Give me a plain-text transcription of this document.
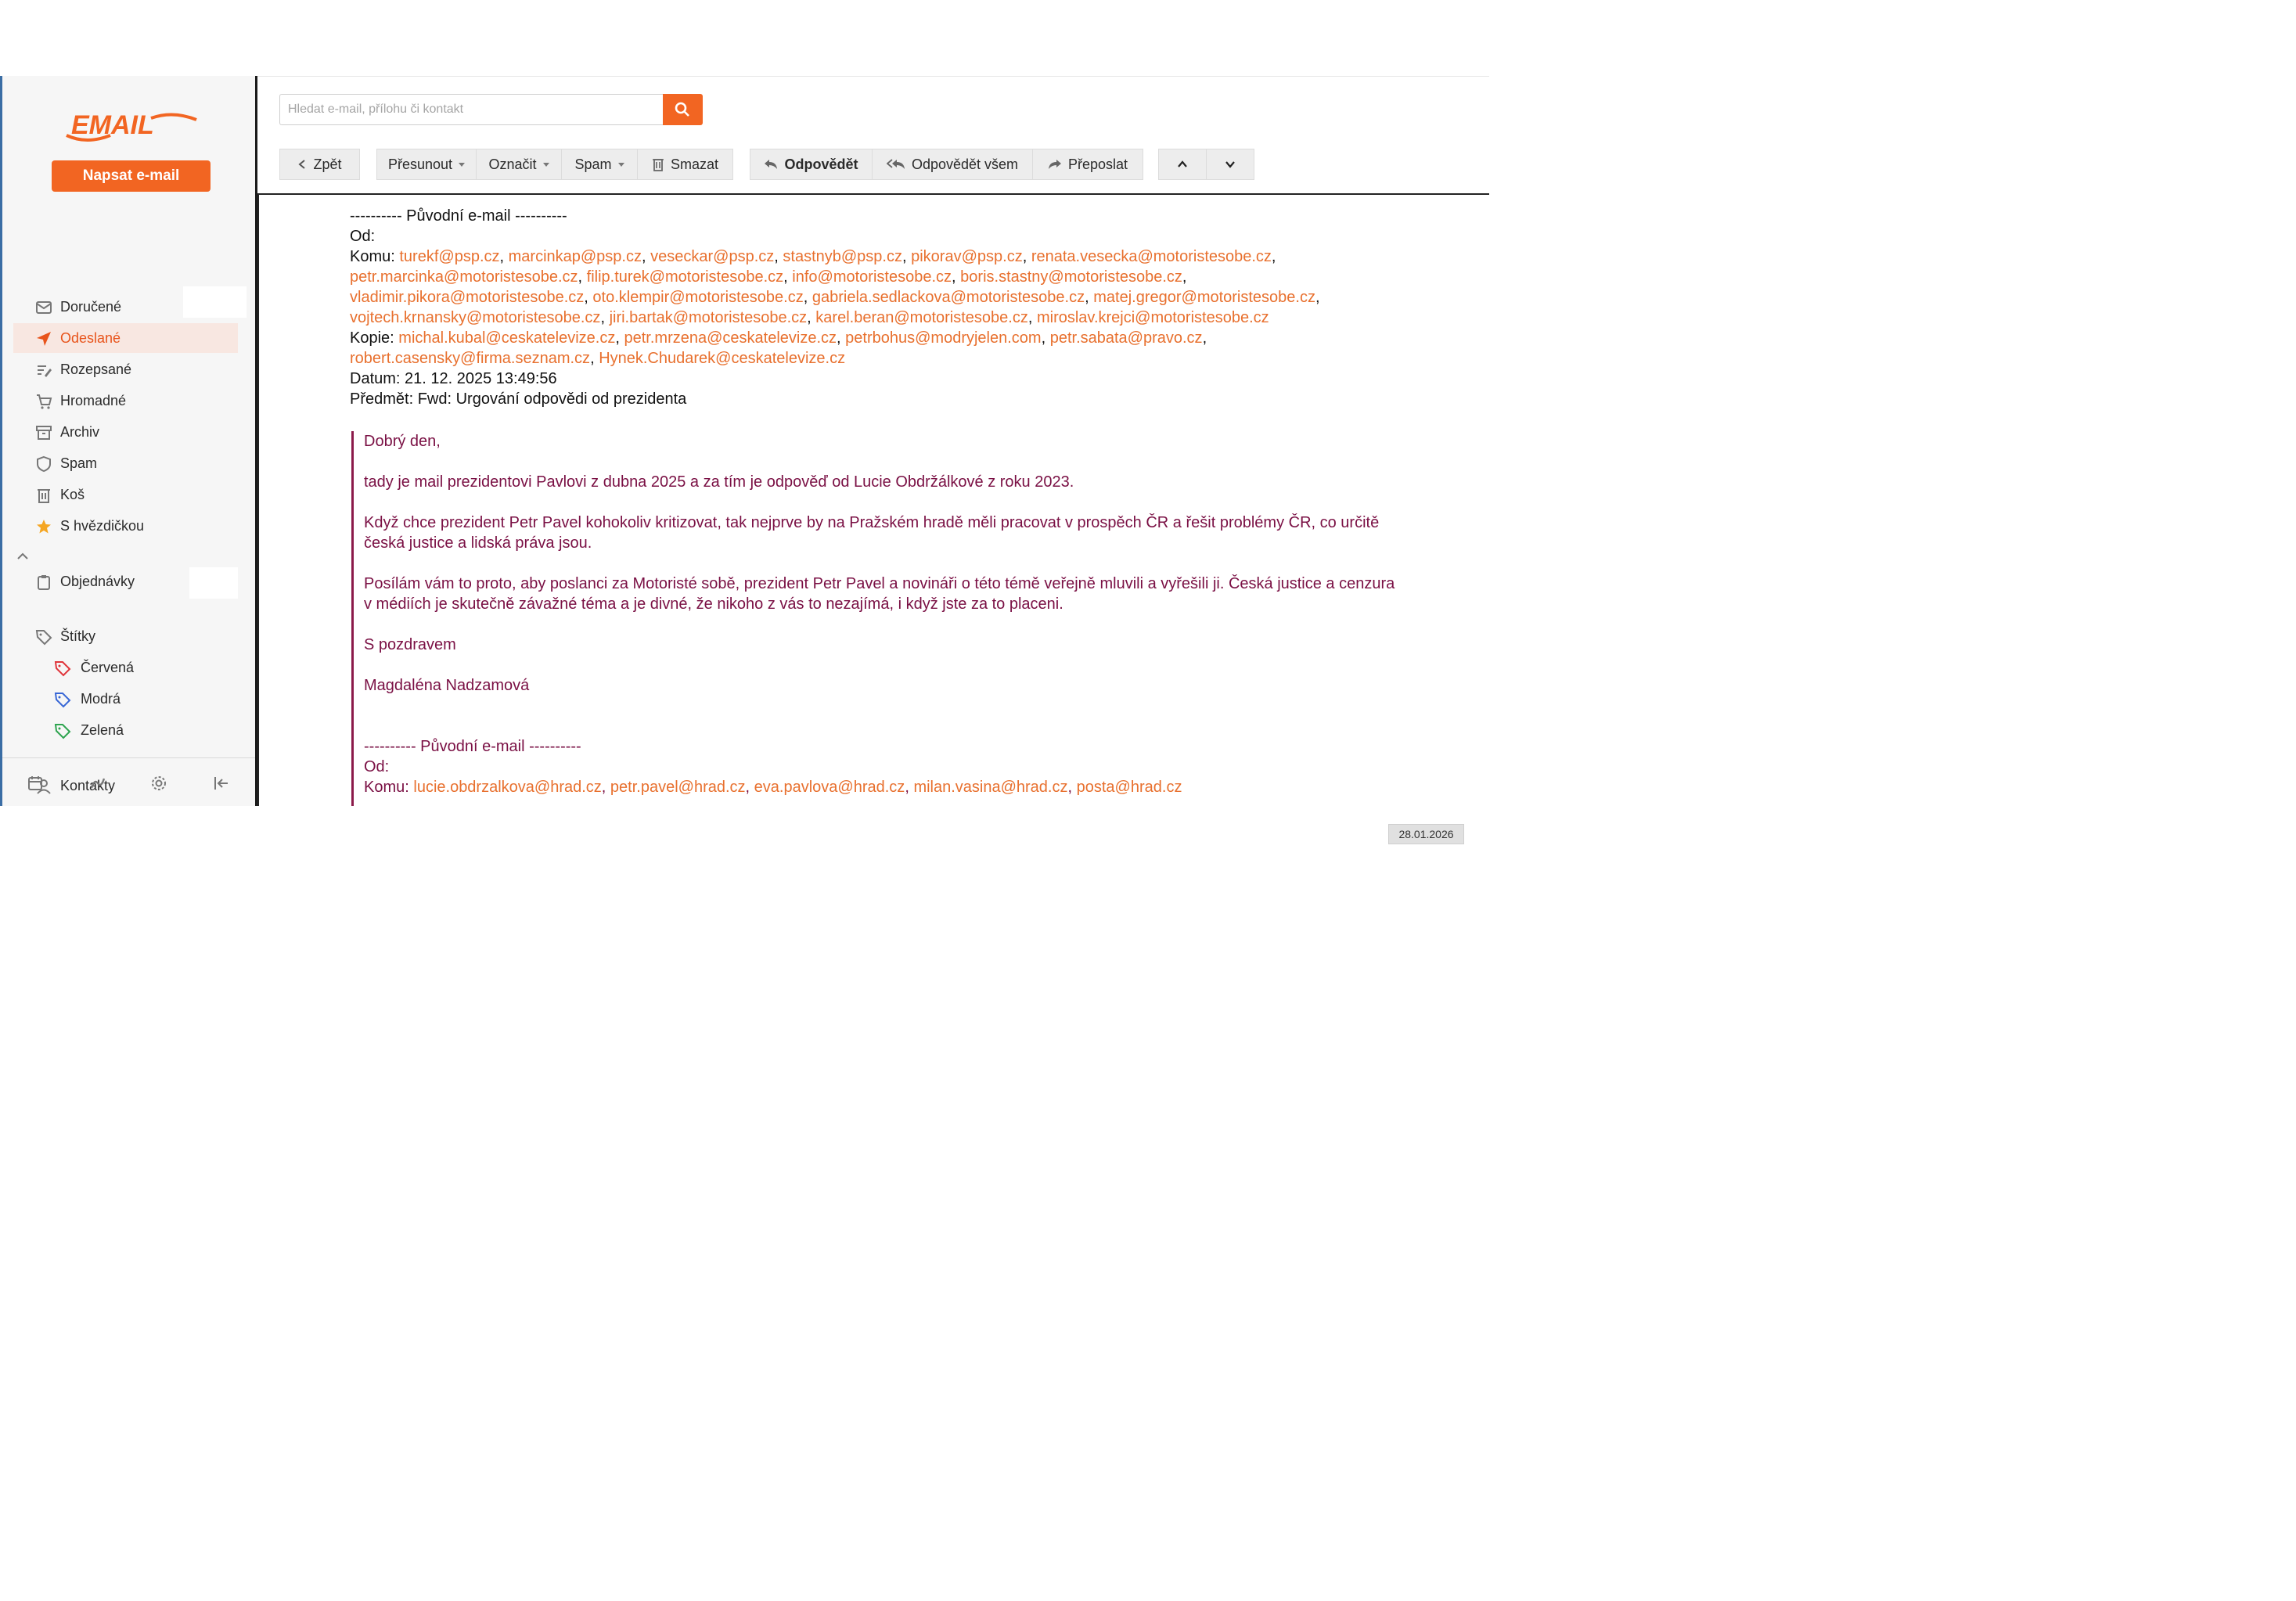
EMAIL
Napsat e-mail
Doručené
Odeslané
Rozepsané
Hromadné
Archiv
Spam
Koš
S hvězdičkou
Objednávky
Štítky
Červená
Modrá
Zelená
Kontakty
Hledat e-mail, přílohu či kontakt
Zpět	Přesunout	Označit	Spam	Smazat	Odpovědět	Odpovědět všem	Přeposlat
---------- Původní e-mail ----------
Od:
Komu: turekf@psp.cz, marcinkap@psp.cz, veseckar@psp.cz, stastnyb@psp.cz, pikorav@psp.cz, renata.vesecka@motoristesobe.cz,
petr.marcinka@motoristesobe.cz, filip.turek@motoristesobe.cz, info@motoristesobe.cz, boris.stastny@motoristesobe.cz,
vladimir.pikora@motoristesobe.cz, oto.klempir@motoristesobe.cz, gabriela.sedlackova@motoristesobe.cz, matej.gregor@motoristesobe.cz,
vojtech.krnansky@motoristesobe.cz, jiri.bartak@motoristesobe.cz, karel.beran@motoristesobe.cz, miroslav.krejci@motoristesobe.cz
Kopie: michal.kubal@ceskatelevize.cz, petr.mrzena@ceskatelevize.cz, petrbohus@modryjelen.com, petr.sabata@pravo.cz,
robert.casensky@firma.seznam.cz, Hynek.Chudarek@ceskatelevize.cz
Datum: 21. 12. 2025 13:49:56
Předmět: Fwd: Urgování odpovědi od prezidenta

Dobrý den,

tady je mail prezidentovi Pavlovi z dubna 2025 a za tím je odpověď od Lucie Obdržálkové z roku 2023.

Když chce prezident Petr Pavel kohokoliv kritizovat, tak nejprve by na Pražském hradě měli pracovat v prospěch ČR a řešit problémy ČR, co určitě
česká justice a lidská práva jsou.

Posílám vám to proto, aby poslanci za Motoristé sobě, prezident Petr Pavel a novináři o této témě veřejně mluvili a vyřešili ji. Česká justice a cenzura
v médiích je skutečně závažné téma a je divné, že nikoho z vás to nezajímá, i když jste za to placeni.

S pozdravem

Magdaléna Nadzamová

---------- Původní e-mail ----------
Od:
Komu: lucie.obdrzalkova@hrad.cz, petr.pavel@hrad.cz, eva.pavlova@hrad.cz, milan.vasina@hrad.cz, posta@hrad.cz
28.01.2026
